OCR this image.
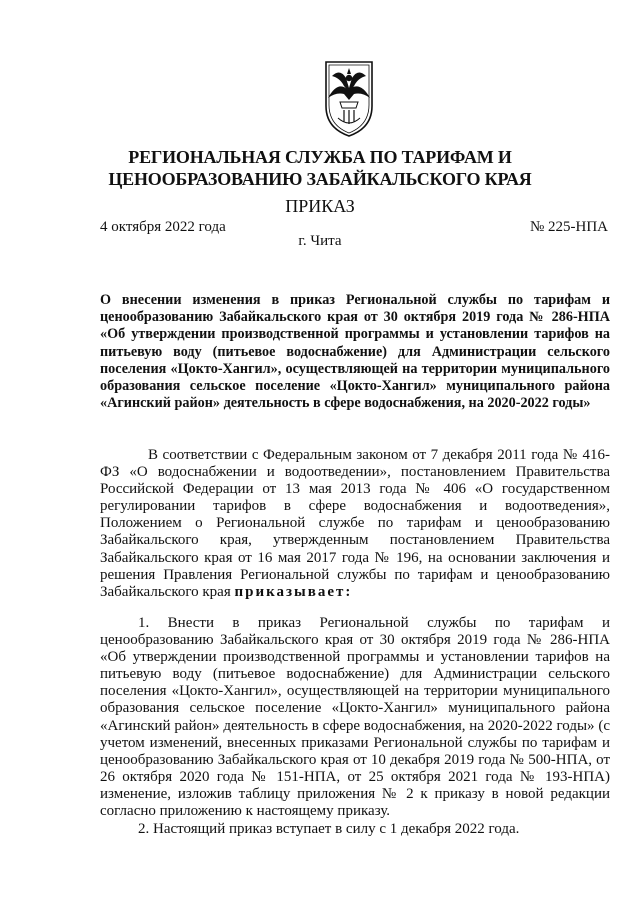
РЕГИОНАЛЬНАЯ СЛУЖБА ПО ТАРИФАМ И
ЦЕНООБРАЗОВАНИЮ ЗАБАЙКАЛЬСКОГО КРАЯ
ПРИКАЗ
4 октября 2022 года	№ 225-НПА
г. Чита
О внесении изменения в приказ Региональной службы по тарифам и ценообразованию Забайкальского края от 30 октября 2019 года № 286-НПА «Об утверждении производственной программы и установлении тарифов на питьевую воду (питьевое водоснабжение) для Администрации сельского поселения «Цокто-Хангил», осуществляющей на территории муниципального образования сельское поселение «Цокто-Хангил» муниципального района «Агинский район» деятельность в сфере водоснабжения, на 2020-2022 годы»
В соответствии с Федеральным законом от 7 декабря 2011 года № 416-ФЗ «О водоснабжении и водоотведении», постановлением Правительства Российской Федерации от 13 мая 2013 года № 406 «О государственном регулировании тарифов в сфере водоснабжения и водоотведения», Положением о Региональной службе по тарифам и ценообразованию Забайкальского края, утвержденным постановлением Правительства Забайкальского края от 16 мая 2017 года № 196, на основании заключения и решения Правления Региональной службы по тарифам и ценообразованию Забайкальского края приказывает:
1. Внести в приказ Региональной службы по тарифам и ценообразованию Забайкальского края от 30 октября 2019 года № 286-НПА «Об утверждении производственной программы и установлении тарифов на питьевую воду (питьевое водоснабжение) для Администрации сельского поселения «Цокто-Хангил», осуществляющей на территории муниципального образования сельское поселение «Цокто-Хангил» муниципального района «Агинский район» деятельность в сфере водоснабжения, на 2020-2022 годы» (с учетом изменений, внесенных приказами Региональной службы по тарифам и ценообразованию Забайкальского края от 10 декабря 2019 года № 500-НПА, от 26 октября 2020 года № 151-НПА, от 25 октября 2021 года № 193-НПА) изменение, изложив таблицу приложения № 2 к приказу в новой редакции согласно приложению к настоящему приказу.
2. Настоящий приказ вступает в силу с 1 декабря 2022 года.
